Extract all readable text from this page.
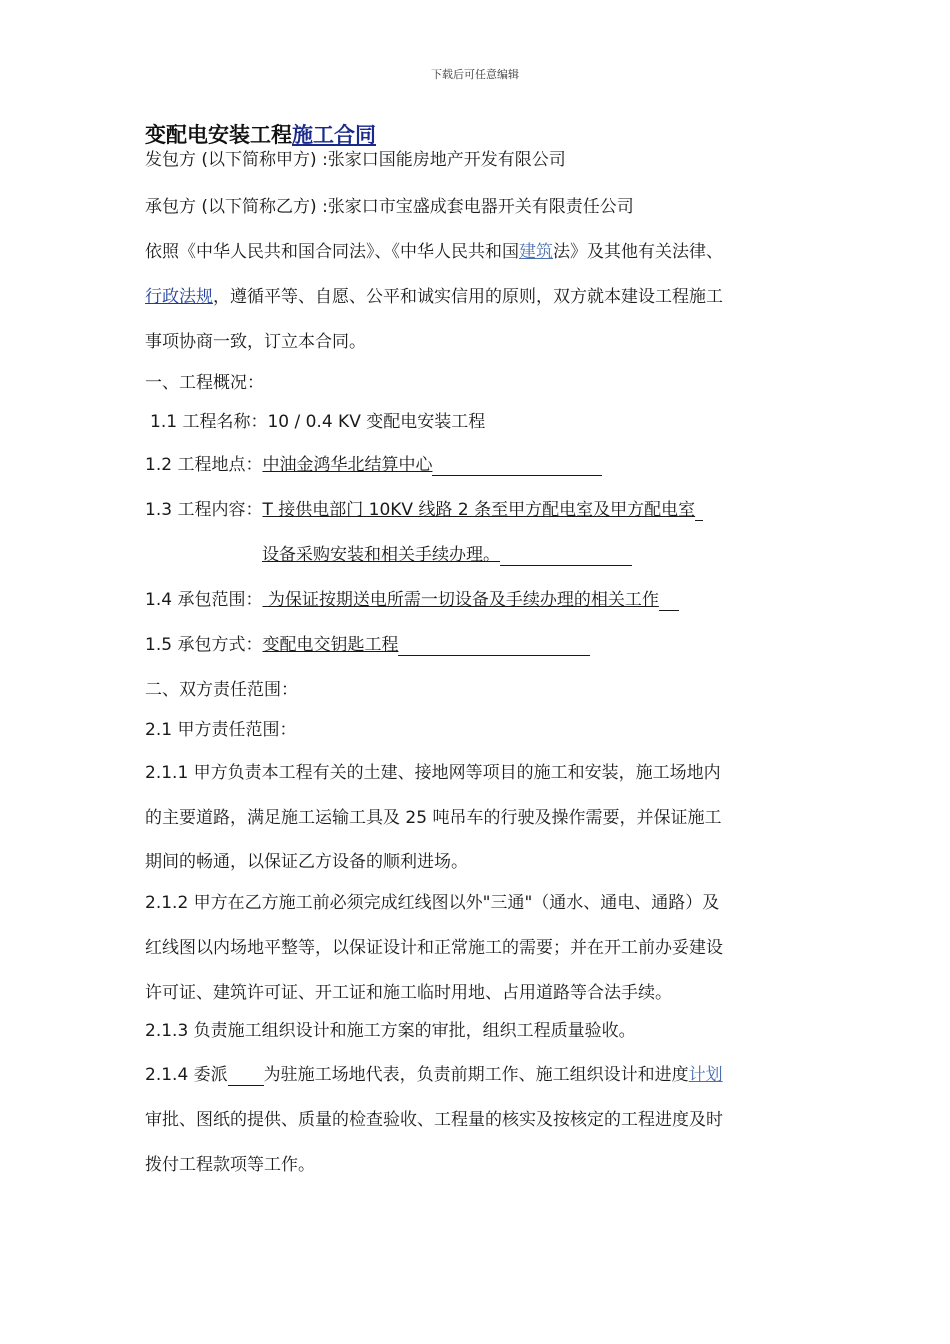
下载后可任意编辑
变配电安装工程施工合同
发包方 (以下简称甲方) :张家口国能房地产开发有限公司
承包方 (以下简称乙方) :张家口市宝盛成套电器开关有限责任公司
依照《中华人民共和国合同法》、《中华人民共和国建筑法》及其他有关法律、
行政法规，遵循平等、自愿、公平和诚实信用的原则，双方就本建设工程施工
事项协商一致，订立本合同。
一、工程概况：
1.1 工程名称：10 / 0.4 KV 变配电安装工程
1.2 工程地点：中油金鸿华北结算中心
1.3 工程内容：T 接供电部门 10KV 线路 2 条至甲方配电室及甲方配电室
设备采购安装和相关手续办理。
1.4 承包范围： 为保证按期送电所需一切设备及手续办理的相关工作
1.5 承包方式：变配电交钥匙工程
二、双方责任范围：
2.1 甲方责任范围：
2.1.1 甲方负责本工程有关的土建、接地网等项目的施工和安装，施工场地内
的主要道路，满足施工运输工具及 25 吨吊车的行驶及操作需要，并保证施工
期间的畅通，以保证乙方设备的顺利进场。
2.1.2 甲方在乙方施工前必须完成红线图以外"三通"（通水、通电、通路）及
红线图以内场地平整等，以保证设计和正常施工的需要；并在开工前办妥建设
许可证、建筑许可证、开工证和施工临时用地、占用道路等合法手续。
2.1.3 负责施工组织设计和施工方案的审批，组织工程质量验收。
2.1.4 委派 为驻施工场地代表，负责前期工作、施工组织设计和进度计划
审批、图纸的提供、质量的检查验收、工程量的核实及按核定的工程进度及时
拨付工程款项等工作。
